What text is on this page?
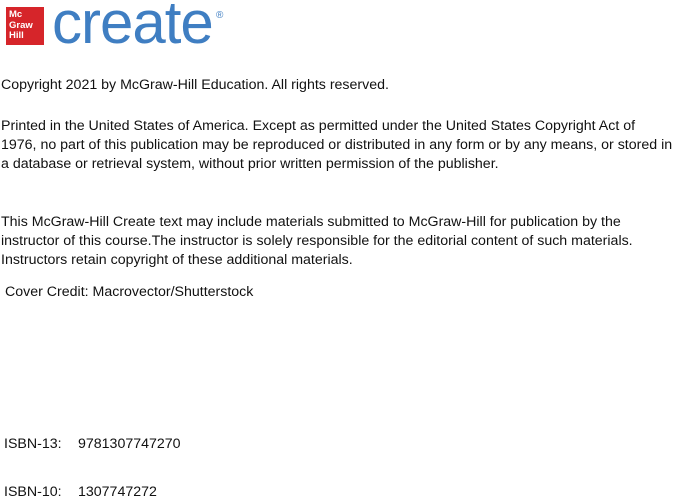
Mc
Graw
Hill create ®

Copyright 2021 by McGraw-Hill Education. All rights reserved.

Printed in the United States of America. Except as permitted under the United States Copyright Act of 1976, no part of this publication may be reproduced or distributed in any form or by any means, or stored in a database or retrieval system, without prior written permission of the publisher.

This McGraw-Hill Create text may include materials submitted to McGraw-Hill for publication by the instructor of this course.The instructor is solely responsible for the editorial content of such materials. Instructors retain copyright of these additional materials.

Cover Credit: Macrovector/Shutterstock

ISBN-13: 9781307747270
ISBN-10: 1307747272
